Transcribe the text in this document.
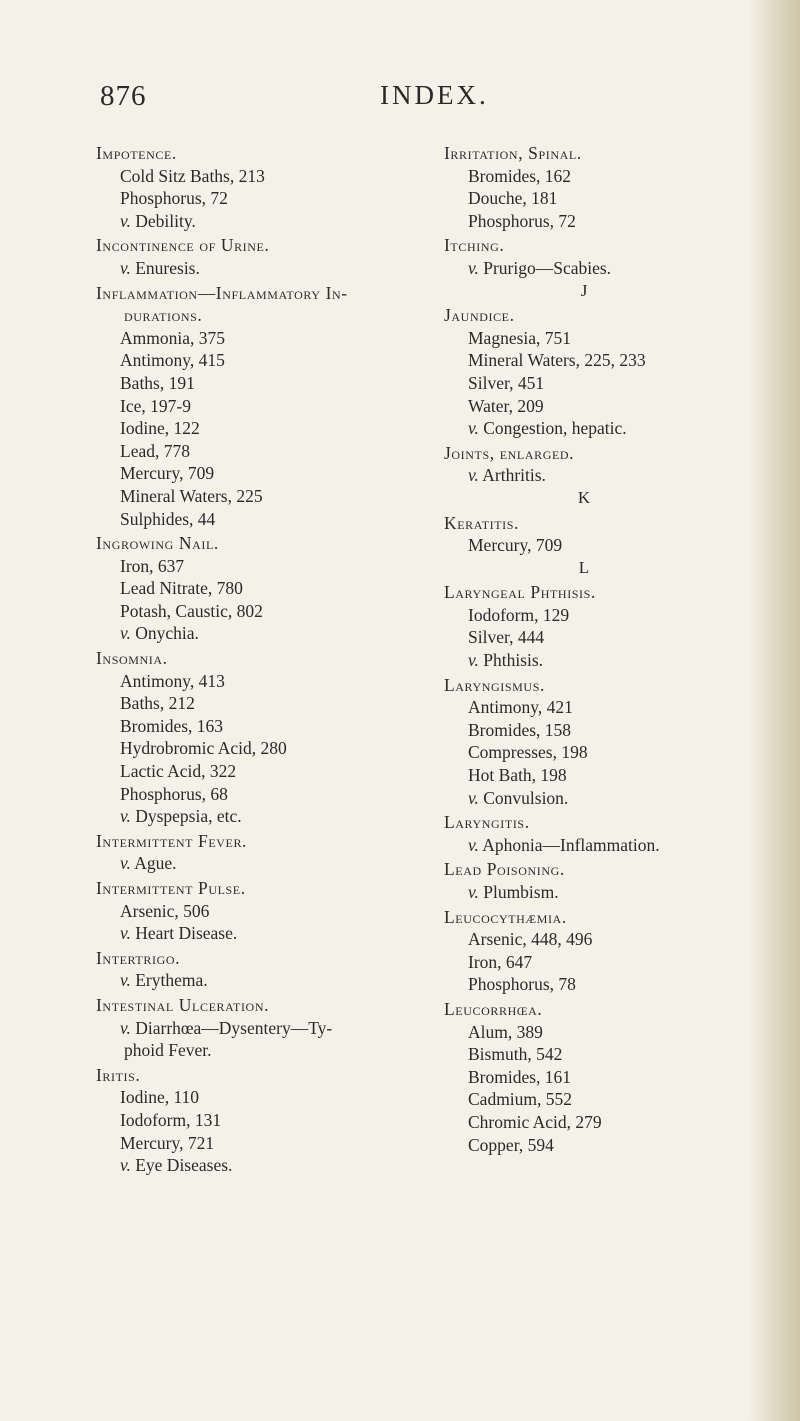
876	INDEX.
Impotence.
Cold Sitz Baths, 213
Phosphorus, 72
v. Debility.
Incontinence of Urine.
v. Enuresis.
Inflammation—Inflammatory In-
durations.
Ammonia, 375
Antimony, 415
Baths, 191
Ice, 197-9
Iodine, 122
Lead, 778
Mercury, 709
Mineral Waters, 225
Sulphides, 44
Ingrowing Nail.
Iron, 637
Lead Nitrate, 780
Potash, Caustic, 802
v. Onychia.
Insomnia.
Antimony, 413
Baths, 212
Bromides, 163
Hydrobromic Acid, 280
Lactic Acid, 322
Phosphorus, 68
v. Dyspepsia, etc.
Intermittent Fever.
v. Ague.
Intermittent Pulse.
Arsenic, 506
v. Heart Disease.
Intertrigo.
v. Erythema.
Intestinal Ulceration.
v. Diarrhœa—Dysentery—Ty-
phoid Fever.
Iritis.
Iodine, 110
Iodoform, 131
Mercury, 721
v. Eye Diseases.
Irritation, Spinal.
Bromides, 162
Douche, 181
Phosphorus, 72
Itching.
v. Prurigo—Scabies.
J
Jaundice.
Magnesia, 751
Mineral Waters, 225, 233
Silver, 451
Water, 209
v. Congestion, hepatic.
Joints, enlarged.
v. Arthritis.
K
Keratitis.
Mercury, 709
L
Laryngeal Phthisis.
Iodoform, 129
Silver, 444
v. Phthisis.
Laryngismus.
Antimony, 421
Bromides, 158
Compresses, 198
Hot Bath, 198
v. Convulsion.
Laryngitis.
v. Aphonia—Inflammation.
Lead Poisoning.
v. Plumbism.
Leucocythæmia.
Arsenic, 448, 496
Iron, 647
Phosphorus, 78
Leucorrhœa.
Alum, 389
Bismuth, 542
Bromides, 161
Cadmium, 552
Chromic Acid, 279
Copper, 594
